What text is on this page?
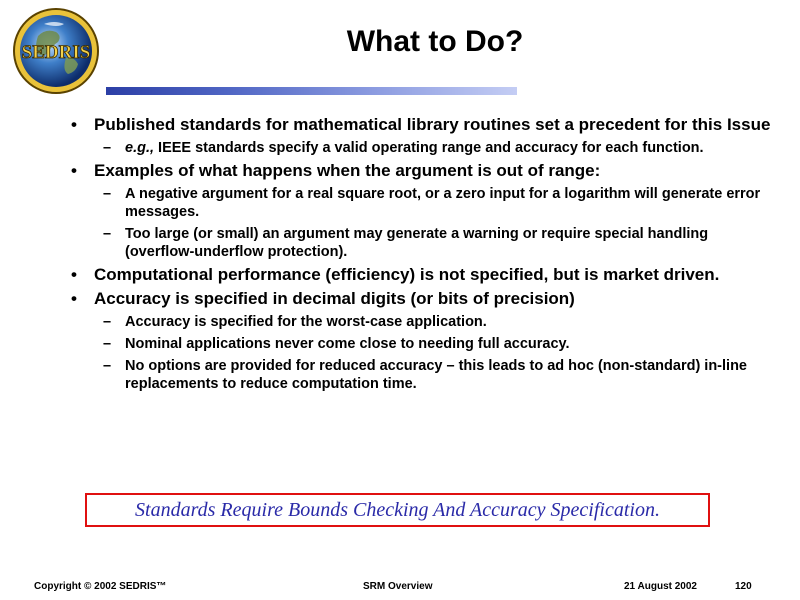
SEDRIS	What to Do?
• Published standards for mathematical library routines set a precedent for this Issue
– e.g., IEEE standards specify a valid operating range and accuracy for each function.
• Examples of what happens when the argument is out of range:
– A negative argument for a real square root, or a zero input for a logarithm will generate error messages.
– Too large (or small) an argument may generate a warning or require special handling (overflow-underflow protection).
• Computational performance (efficiency) is not specified, but is market driven.
• Accuracy is specified in decimal digits (or bits of precision)
– Accuracy is specified for the worst-case application.
– Nominal applications never come close to needing full accuracy.
– No options are provided for reduced accuracy – this leads to ad hoc (non-standard) in-line replacements to reduce computation time.
Standards Require Bounds Checking And Accuracy Specification.
Copyright © 2002 SEDRIS™	SRM Overview	21 August 2002	120
